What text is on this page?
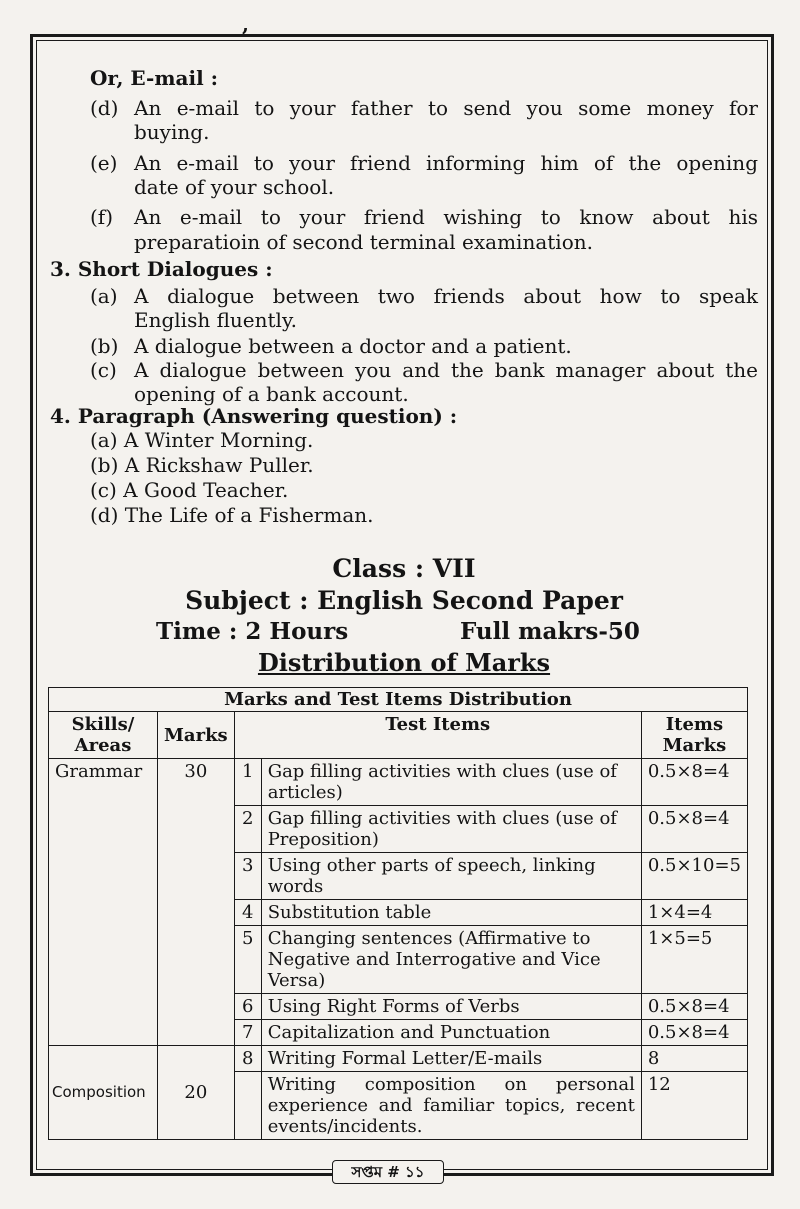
,
Or, E-mail :
(d) An e-mail to your father to send you some money for
buying.
(e) An e-mail to your friend informing him of the opening
date of your school.
(f) An e-mail to your friend wishing to know about his
preparatioin of second terminal examination.
3. Short Dialogues :
(a) A dialogue between two friends about how to speak
English fluently.
(b) A dialogue between a doctor and a patient.
(c) A dialogue between you and the bank manager about the
opening of a bank account.
4. Paragraph (Answering question) :
(a) A Winter Morning.
(b) A Rickshaw Puller.
(c) A Good Teacher.
(d) The Life of a Fisherman.
Class : VII
Subject : English Second Paper
Time : 2 Hours	Full makrs-50
Distribution of Marks
Marks and Test Items Distribution				
Skills/ Areas	Marks	Test Items		Items Marks
Grammar	30	1	Gap filling activities with clues (use of articles)	0.5×8=4
		2	Gap filling activities with clues (use of Preposition)	0.5×8=4
		3	Using other parts of speech, linking words	0.5×10=5
		4	Substitution table	1×4=4
		5	Changing sentences (Affirmative to Negative and Interrogative and Vice Versa)	1×5=5
		6	Using Right Forms of Verbs	0.5×8=4
		7	Capitalization and Punctuation	0.5×8=4
Composition	20	8	Writing Formal Letter/E-mails	8
			Writing composition on personal experience and familiar topics, recent events/incidents.	12
সপ্তম # ১১
